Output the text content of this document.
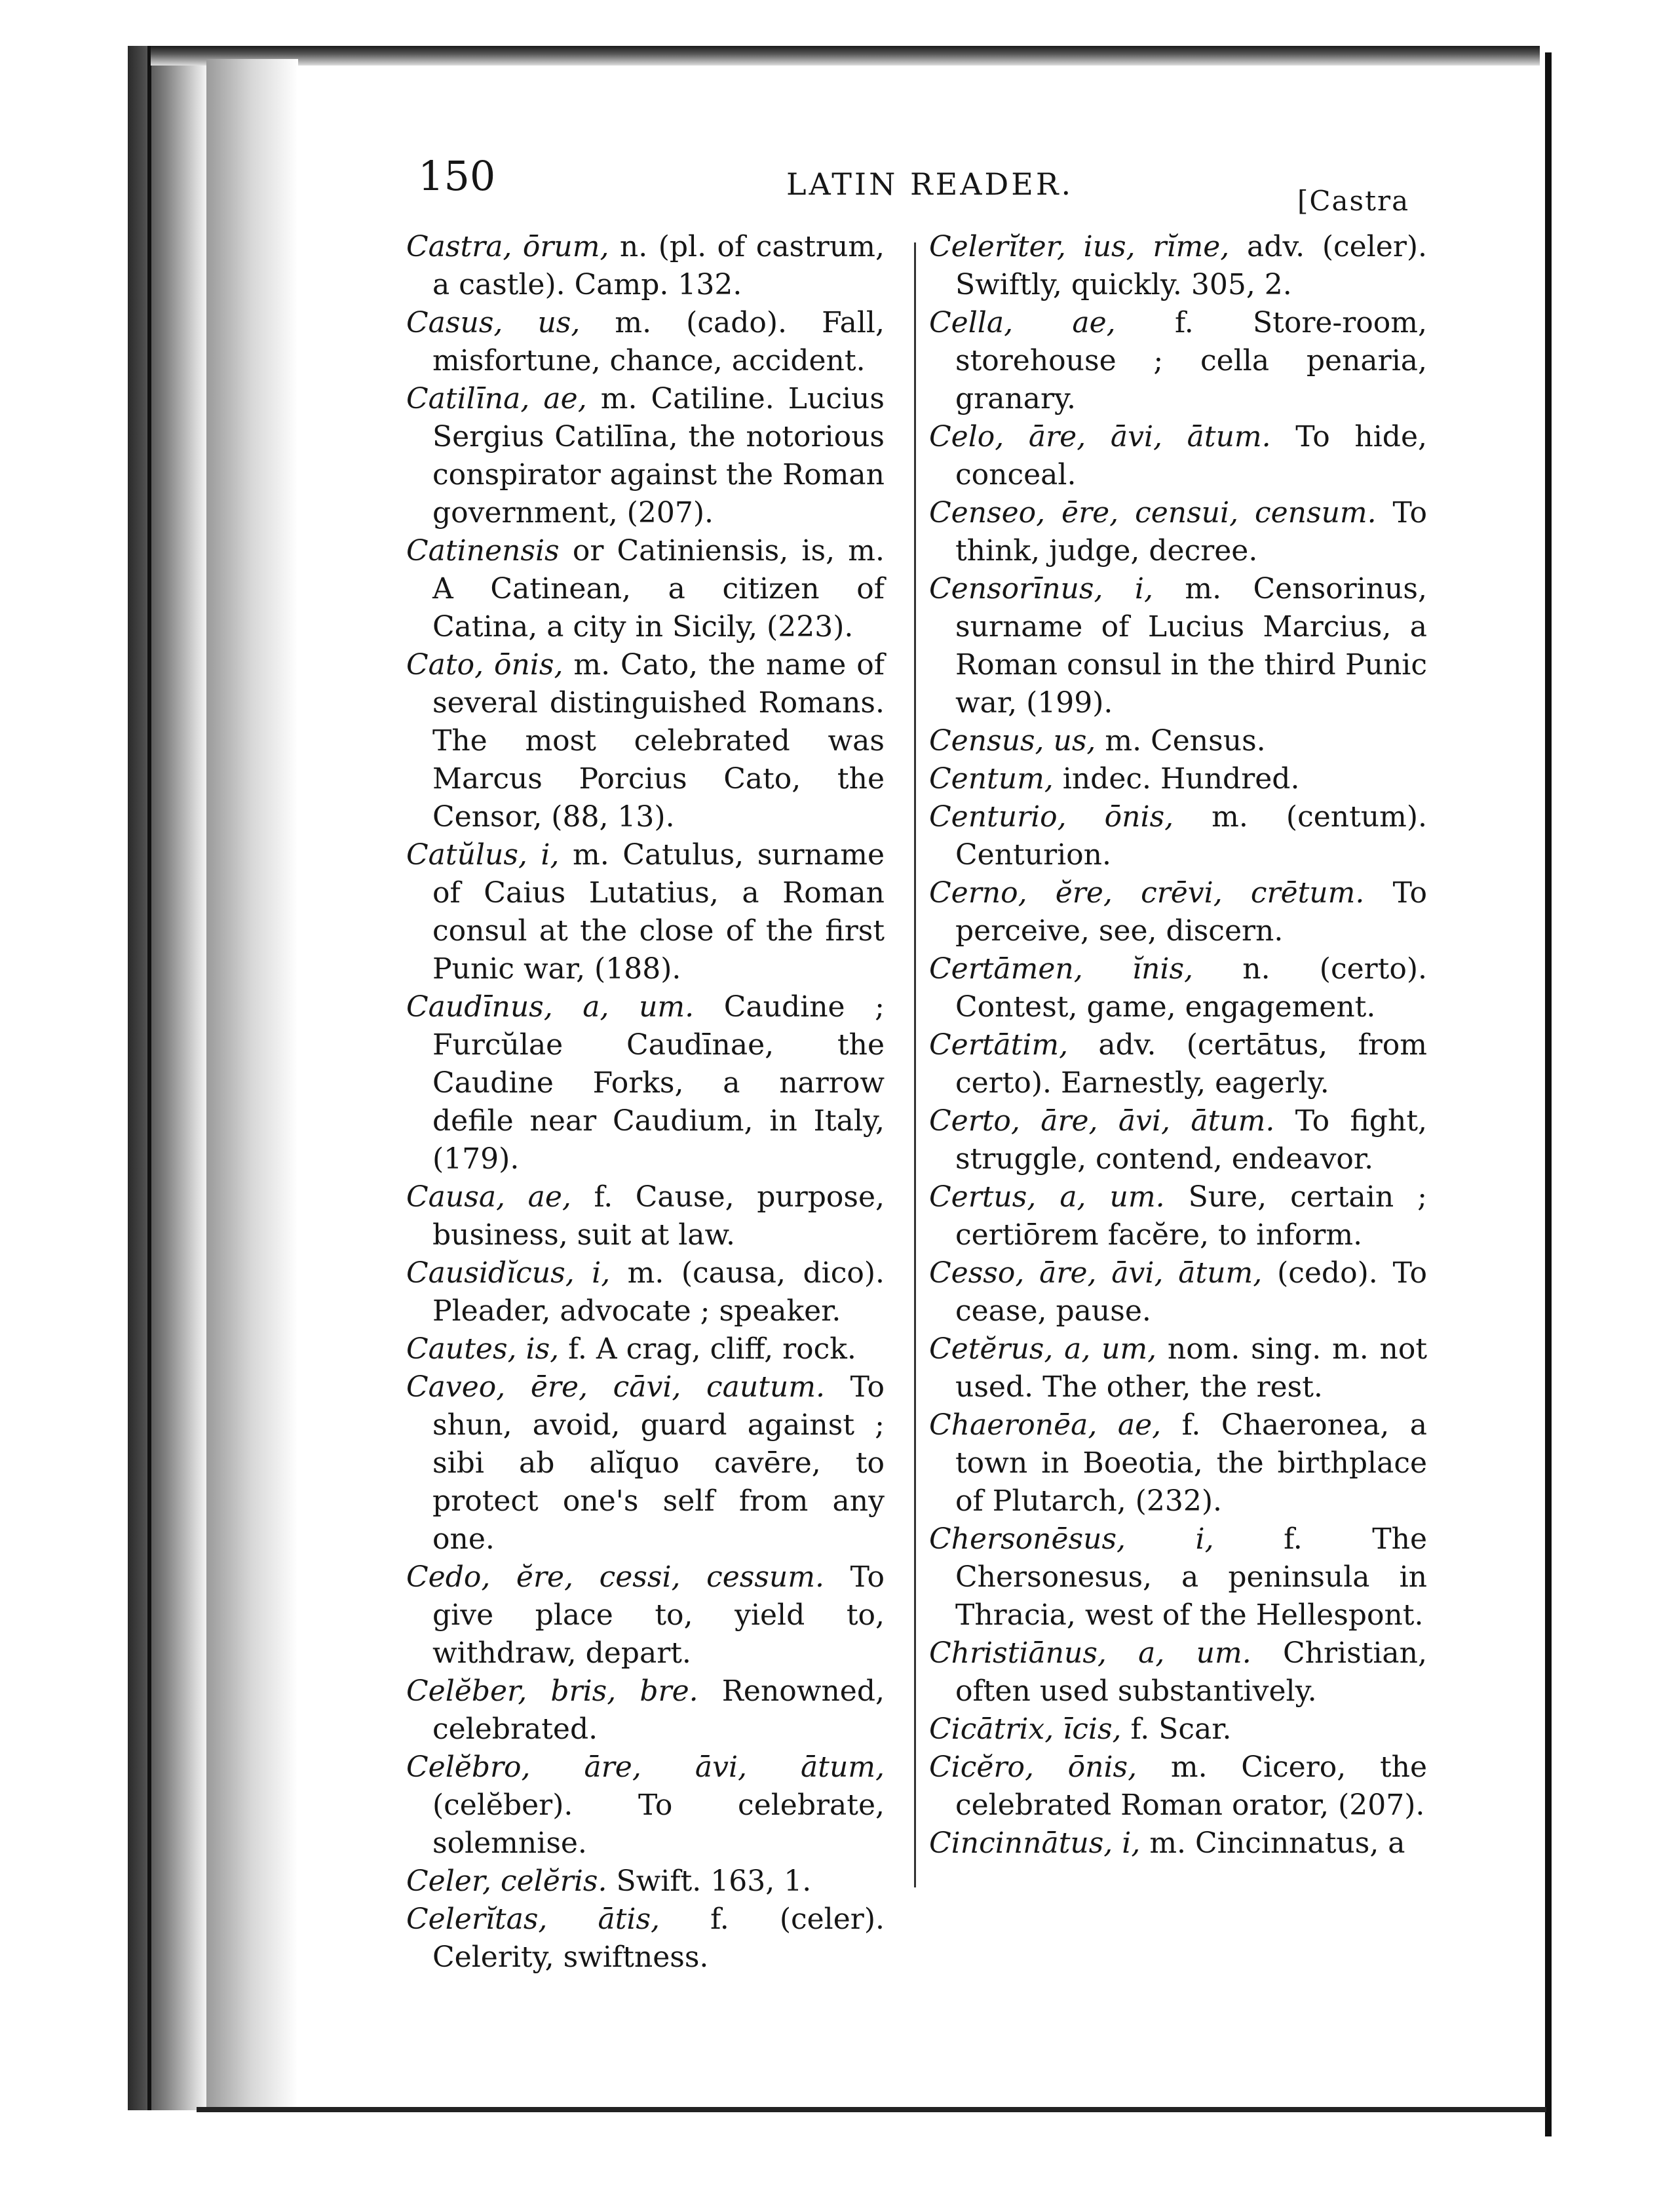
150	LATIN READER.	[Castra

Castra, ōrum, n. (pl. of castrum, a castle). Camp. 132.

Casus, us, m. (cado). Fall, misfortune, chance, accident.

Catilīna, ae, m. Catiline. Lucius Sergius Catilīna, the notorious conspirator against the Roman government, (207).

Catinensis or Catiniensis, is, m. A Catinean, a citizen of Catina, a city in Sicily, (223).

Cato, ōnis, m. Cato, the name of several distinguished Romans. The most celebrated was Marcus Porcius Cato, the Censor, (88, 13).

Catŭlus, i, m. Catulus, surname of Caius Lutatius, a Roman consul at the close of the first Punic war, (188).

Caudīnus, a, um. Caudine ; Furcŭlae Caudīnae, the Caudine Forks, a narrow defile near Caudium, in Italy, (179).

Causa, ae, f. Cause, purpose, business, suit at law.

Causidĭcus, i, m. (causa, dico). Pleader, advocate ; speaker.

Cautes, is, f. A crag, cliff, rock.

Caveo, ēre, cāvi, cautum. To shun, avoid, guard against ; sibi ab alĭquo cavēre, to protect one's self from any one.

Cedo, ĕre, cessi, cessum. To give place to, yield to, withdraw, depart.

Celĕber, bris, bre. Renowned, celebrated.

Celĕbro, āre, āvi, ātum, (celĕber). To celebrate, solemnise.

Celer, celĕris. Swift. 163, 1.

Celerĭtas, ātis, f. (celer). Celerity, swiftness.

Celerĭter, ius, rĭme, adv. (celer). Swiftly, quickly. 305, 2.

Cella, ae, f. Store-room, storehouse ; cella penaria, granary.

Celo, āre, āvi, ātum. To hide, conceal.

Censeo, ēre, censui, censum. To think, judge, decree.

Censorīnus, i, m. Censorinus, surname of Lucius Marcius, a Roman consul in the third Punic war, (199).

Census, us, m. Census.

Centum, indec. Hundred.

Centurio, ōnis, m. (centum). Centurion.

Cerno, ĕre, crēvi, crētum. To perceive, see, discern.

Certāmen, ĭnis, n. (certo). Contest, game, engagement.

Certātim, adv. (certātus, from certo). Earnestly, eagerly.

Certo, āre, āvi, ātum. To fight, struggle, contend, endeavor.

Certus, a, um. Sure, certain ; certiōrem facĕre, to inform.

Cesso, āre, āvi, ātum, (cedo). To cease, pause.

Cetĕrus, a, um, nom. sing. m. not used. The other, the rest.

Chaeronēa, ae, f. Chaeronea, a town in Boeotia, the birthplace of Plutarch, (232).

Chersonēsus, i, f. The Chersonesus, a peninsula in Thracia, west of the Hellespont.

Christiānus, a, um. Christian, often used substantively.

Cicātrix, īcis, f. Scar.

Cicĕro, ōnis, m. Cicero, the celebrated Roman orator, (207).

Cincinnātus, i, m. Cincinnatus, a
